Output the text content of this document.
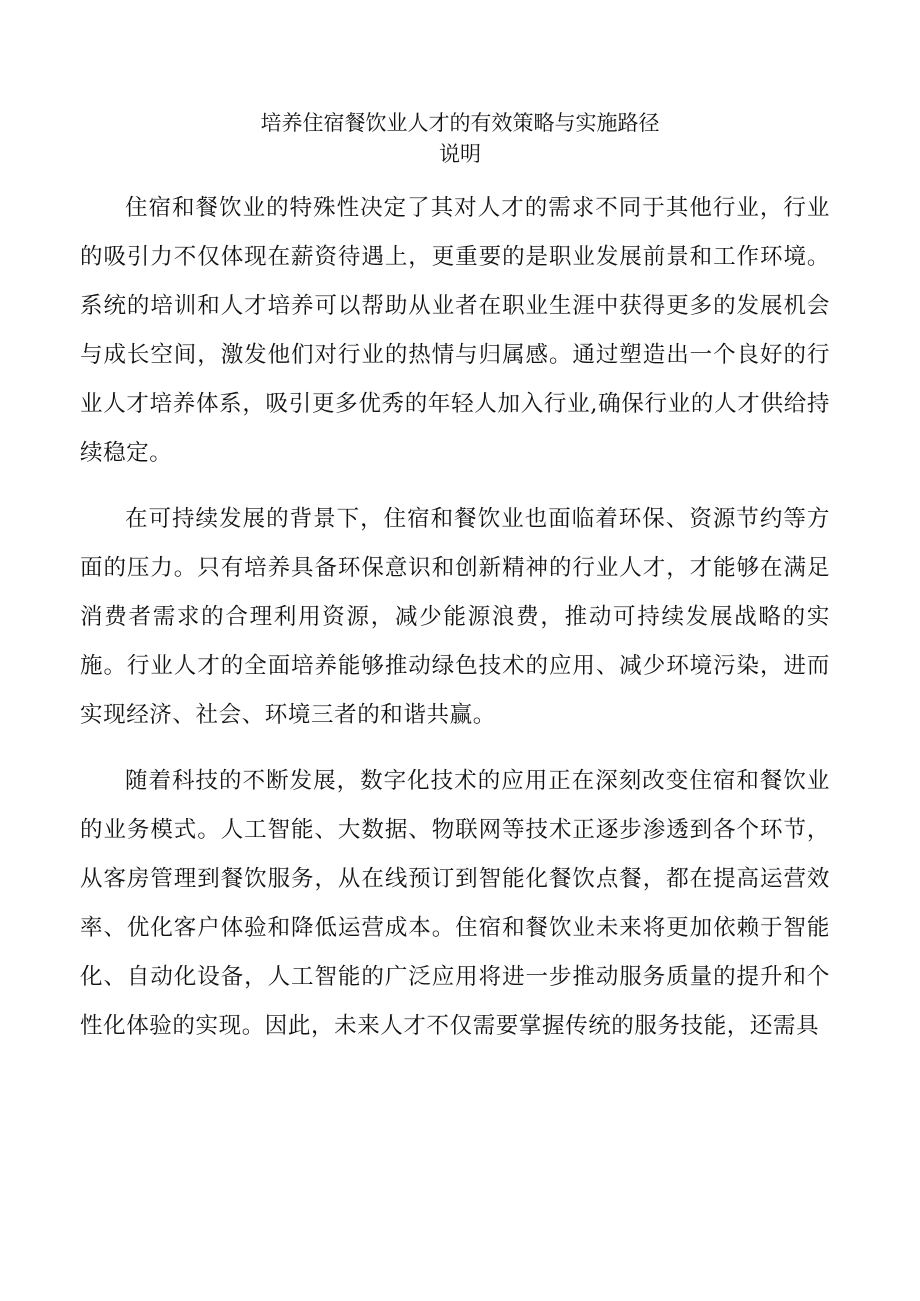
培养住宿餐饮业人才的有效策略与实施路径
说明

住宿和餐饮业的特殊性决定了其对人才的需求不同于其他行业，行业的吸引力不仅体现在薪资待遇上，更重要的是职业发展前景和工作环境。系统的培训和人才培养可以帮助从业者在职业生涯中获得更多的发展机会与成长空间，激发他们对行业的热情与归属感。通过塑造出一个良好的行业人才培养体系，吸引更多优秀的年轻人加入行业,确保行业的人才供给持续稳定。

在可持续发展的背景下，住宿和餐饮业也面临着环保、资源节约等方面的压力。只有培养具备环保意识和创新精神的行业人才，才能够在满足消费者需求的合理利用资源，减少能源浪费，推动可持续发展战略的实施。行业人才的全面培养能够推动绿色技术的应用、减少环境污染，进而实现经济、社会、环境三者的和谐共赢。

随着科技的不断发展，数字化技术的应用正在深刻改变住宿和餐饮业的业务模式。人工智能、大数据、物联网等技术正逐步渗透到各个环节，从客房管理到餐饮服务，从在线预订到智能化餐饮点餐，都在提高运营效率、优化客户体验和降低运营成本。住宿和餐饮业未来将更加依赖于智能化、自动化设备，人工智能的广泛应用将进一步推动服务质量的提升和个性化体验的实现。因此，未来人才不仅需要掌握传统的服务技能，还需具
